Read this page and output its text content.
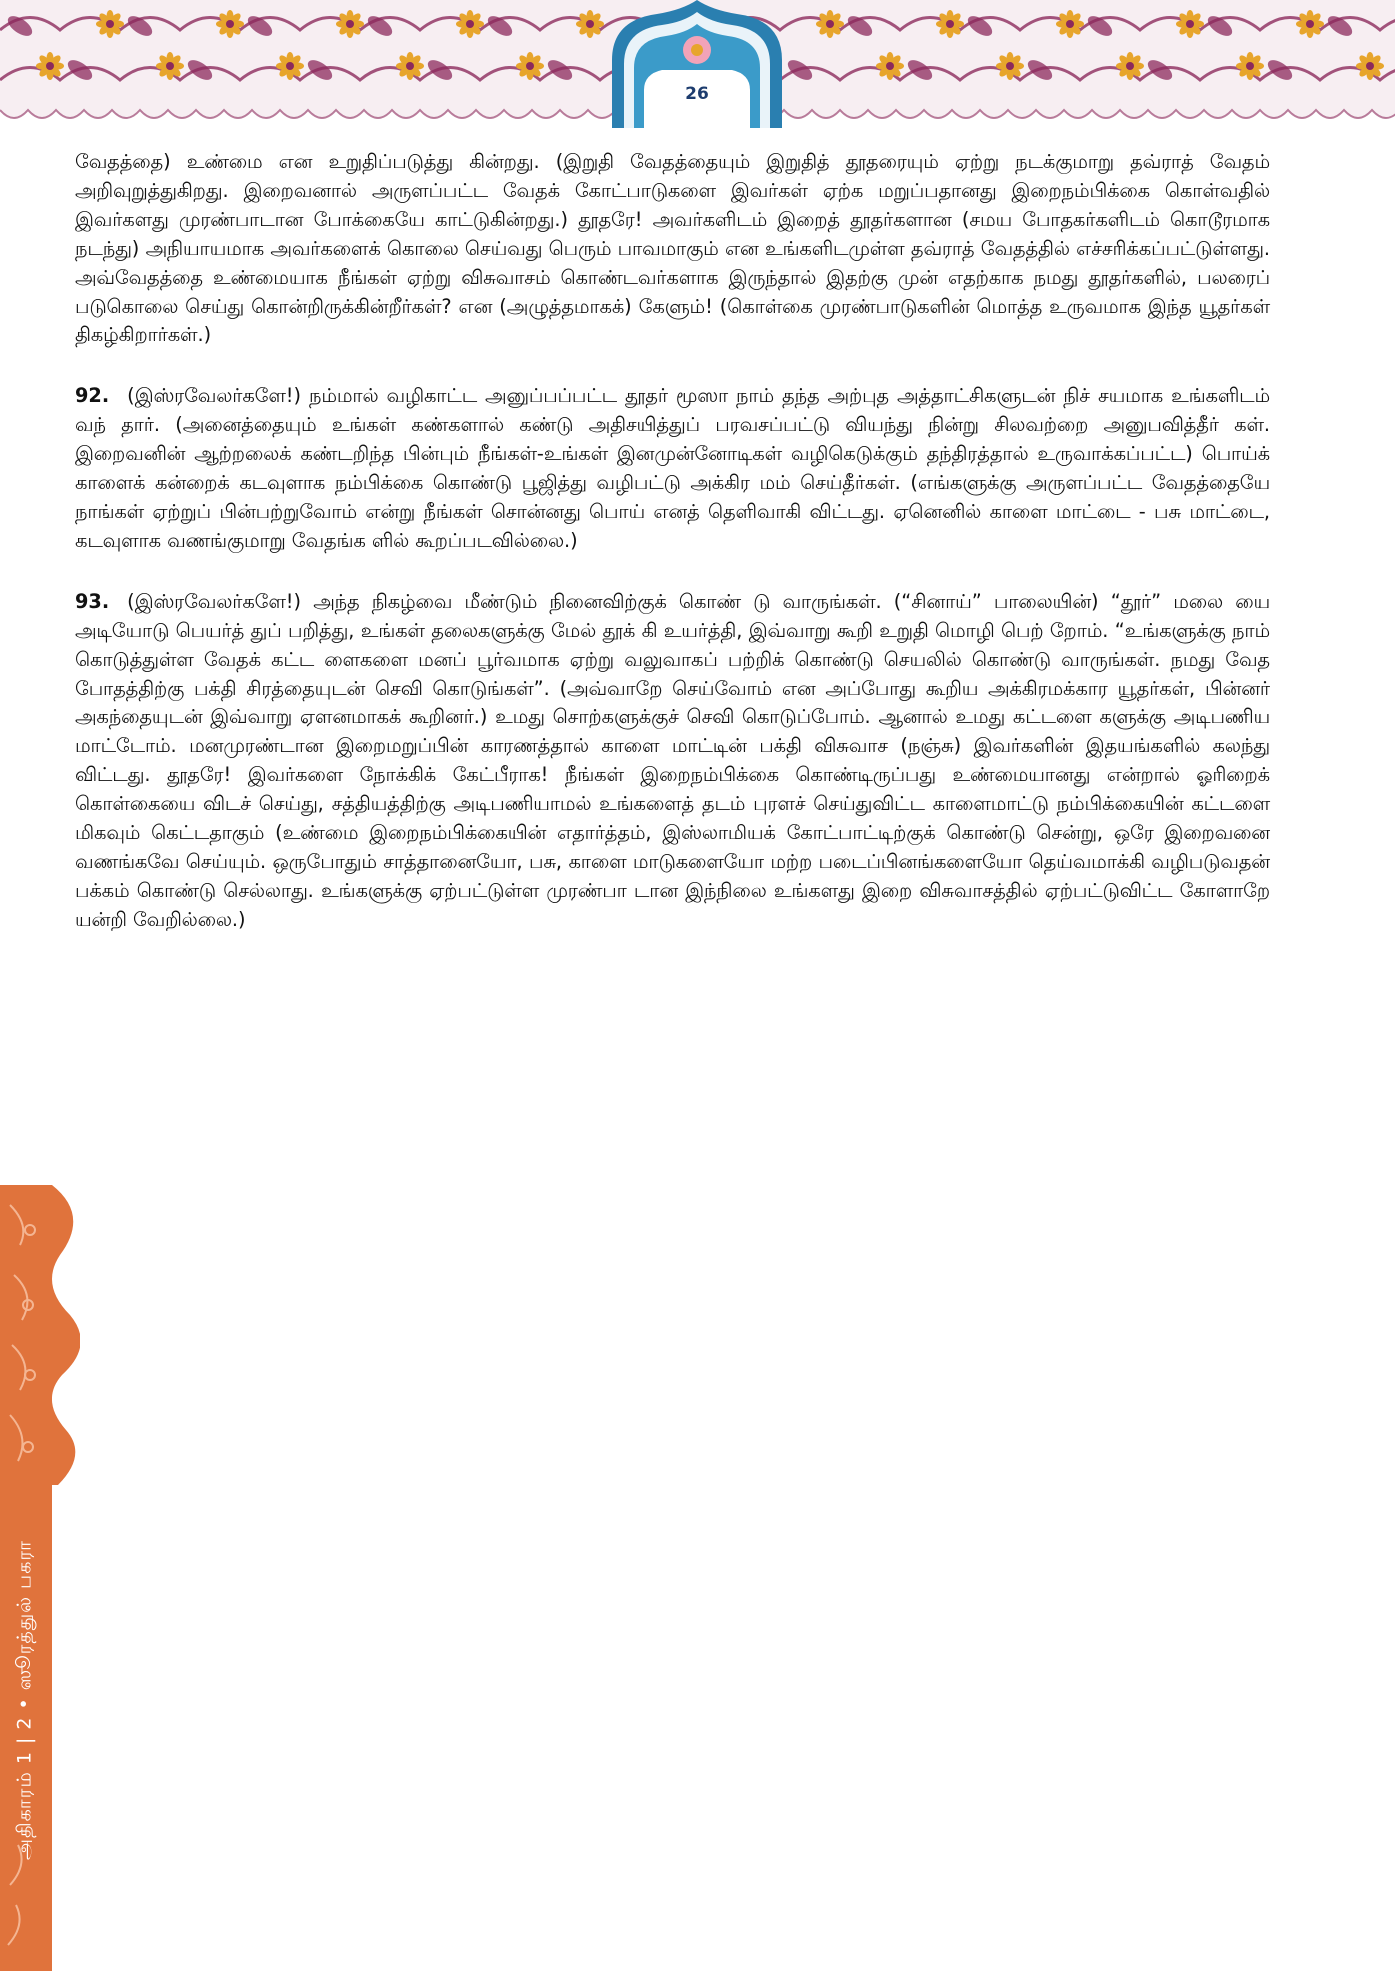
26
அதிகாரம் 1 | 2 • ஸூரத்துல் பகரா

வேதத்தை) உண்மை என உறுதிப்படுத்து கின்றது. (இறுதி வேதத்தையும் இறுதித் தூதரையும் ஏற்று நடக்குமாறு தவ்ராத் வேதம் அறிவுறுத்துகிறது. இறைவனால் அருளப்பட்ட வேதக் கோட்பாடுகளை இவர்கள் ஏற்க மறுப்பதானது இறைநம்பிக்கை கொள்வதில் இவர்களது முரண்பாடான போக்கையே காட்டுகின்றது.) தூதரே! அவர்களிடம் இறைத் தூதர்களான (சமய போதகர்களிடம் கொடூரமாக நடந்து) அநியாயமாக அவர்களைக் கொலை செய்வது பெரும் பாவமாகும் என உங்களிடமுள்ள தவ்ராத் வேதத்தில் எச்சரிக்கப்பட்டுள்ளது. அவ்வேதத்தை உண்மையாக நீங்கள் ஏற்று விசுவாசம் கொண்டவர்களாக இருந்தால் இதற்கு முன் எதற்காக நமது தூதர்களில், பலரைப் படுகொலை செய்து கொன்றிருக்கின்றீர்கள்? என (அழுத்தமாகக்) கேளும்! (கொள்கை முரண்பாடுகளின் மொத்த உருவமாக இந்த யூதர்கள் திகழ்கிறார்கள்.)

92. (இஸ்ரவேலர்களே!) நம்மால் வழிகாட்ட அனுப்பப்பட்ட தூதர் மூஸா நாம் தந்த அற்புத அத்தாட்சிகளுடன் நிச் சயமாக உங்களிடம் வந் தார். (அனைத்தையும் உங்கள் கண்களால் கண்டு அதிசயித்துப் பரவசப்பட்டு வியந்து நின்று சிலவற்றை அனுபவித்தீர் கள். இறைவனின் ஆற்றலைக் கண்டறிந்த பின்பும் நீங்கள்-உங்கள் இனமுன்னோடிகள் வழிகெடுக்கும் தந்திரத்தால் உருவாக்கப்பட்ட) பொய்க் காளைக் கன்றைக் கடவுளாக நம்பிக்கை கொண்டு பூஜித்து வழிபட்டு அக்கிர மம் செய்தீர்கள். (எங்களுக்கு அருளப்பட்ட வேதத்தையே நாங்கள் ஏற்றுப் பின்பற்றுவோம் என்று நீங்கள் சொன்னது பொய் எனத் தெளிவாகி விட்டது. ஏனெனில் காளை மாட்டை - பசு மாட்டை, கடவுளாக வணங்குமாறு வேதங்க ளில் கூறப்படவில்லை.)

93. (இஸ்ரவேலர்களே!) அந்த நிகழ்வை மீண்டும் நினைவிற்குக் கொண் டு வாருங்கள். (“சினாய்” பாலையின்) “தூர்” மலை யை அடியோடு பெயர்த் துப் பறித்து, உங்கள் தலைகளுக்கு மேல் தூக் கி உயர்த்தி, இவ்வாறு கூறி உறுதி மொழி பெற் றோம். “உங்களுக்கு நாம் கொடுத்துள்ள வேதக் கட்ட ளைகளை மனப் பூர்வமாக ஏற்று வலுவாகப் பற்றிக் கொண்டு செயலில் கொண்டு வாருங்கள். நமது வேத போதத்திற்கு பக்தி சிரத்தையுடன் செவி கொடுங்கள்”. (அவ்வாறே செய்வோம் என அப்போது கூறிய அக்கிரமக்கார யூதர்கள், பின்னர் அகந்தையுடன் இவ்வாறு ஏளனமாகக் கூறினர்.) உமது சொற்களுக்குச் செவி கொடுப்போம். ஆனால் உமது கட்டளை களுக்கு அடிபணிய மாட்டோம். மனமுரண்டான இறைமறுப்பின் காரணத்தால் காளை மாட்டின் பக்தி விசுவாச (நஞ்சு) இவர்களின் இதயங்களில் கலந்து விட்டது. தூதரே! இவர்களை நோக்கிக் கேட்பீராக! நீங்கள் இறைநம்பிக்கை கொண்டிருப்பது உண்மையானது என்றால் ஓரிறைக் கொள்கையை விடச் செய்து, சத்தியத்திற்கு அடிபணியாமல் உங்களைத் தடம் புரளச் செய்துவிட்ட காளைமாட்டு நம்பிக்கையின் கட்டளை மிகவும் கெட்டதாகும் (உண்மை இறைநம்பிக்கையின் எதார்த்தம், இஸ்லாமியக் கோட்பாட்டிற்குக் கொண்டு சென்று, ஒரே இறைவனை வணங்கவே செய்யும். ஒருபோதும் சாத்தானையோ, பசு, காளை மாடுகளையோ மற்ற படைப்பினங்களையோ தெய்வமாக்கி வழிபடுவதன் பக்கம் கொண்டு செல்லாது. உங்களுக்கு ஏற்பட்டுள்ள முரண்பா டான இந்நிலை உங்களது இறை விசுவாசத்தில் ஏற்பட்டுவிட்ட கோளாறே யன்றி வேறில்லை.)
